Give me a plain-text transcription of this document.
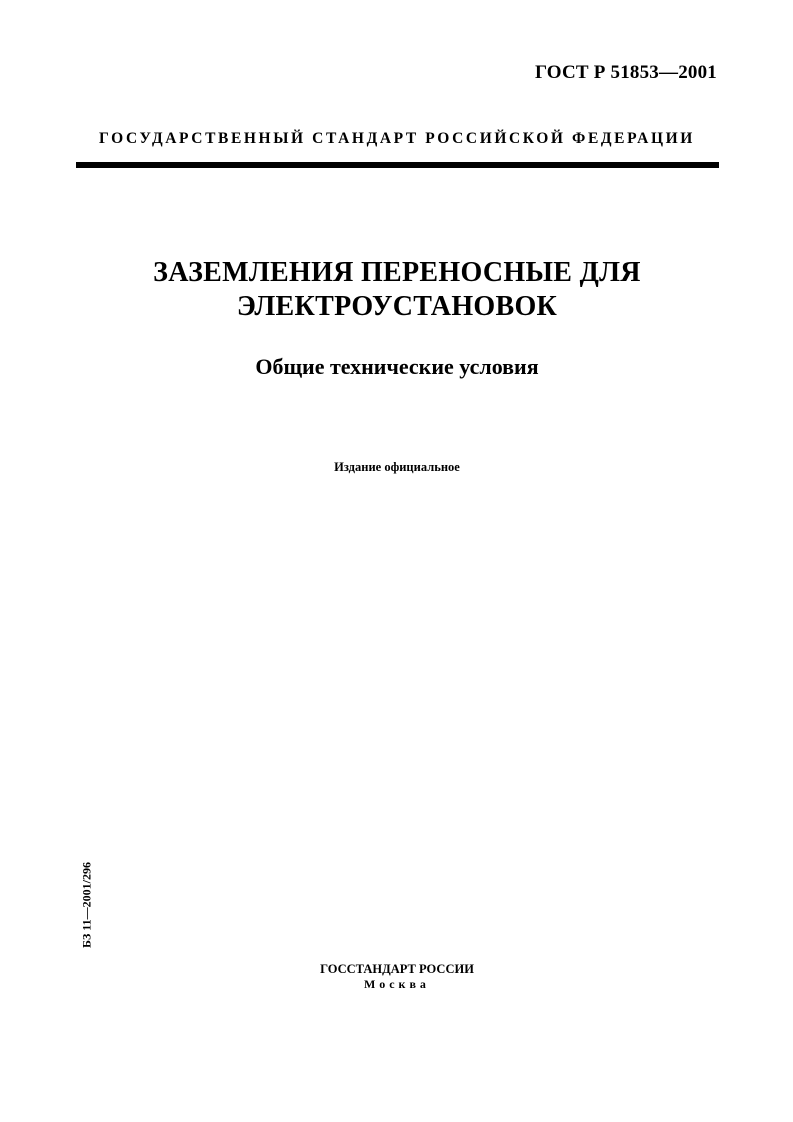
ГОСТ Р 51853—2001
ГОСУДАРСТВЕННЫЙ СТАНДАРТ РОССИЙСКОЙ ФЕДЕРАЦИИ
ЗАЗЕМЛЕНИЯ ПЕРЕНОСНЫЕ ДЛЯ
ЭЛЕКТРОУСТАНОВОК
Общие технические условия
Издание официальное
БЗ 11—2001/296
ГОССТАНДАРТ РОССИИ
Москва
